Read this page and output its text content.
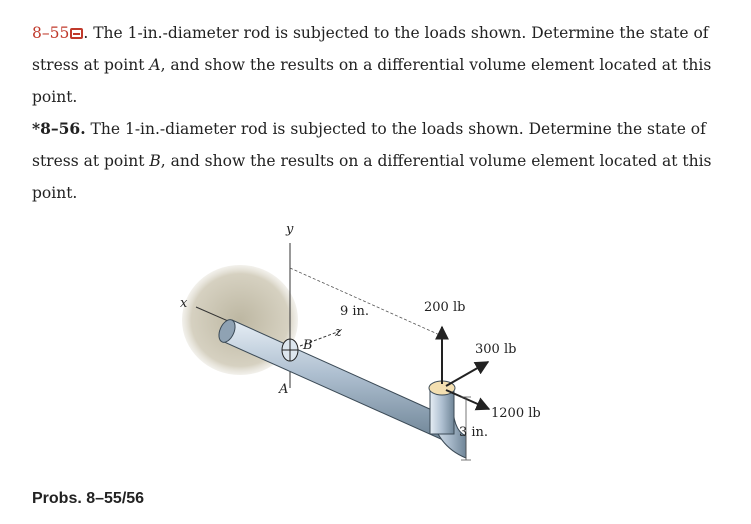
8–55 . The 1-in.-diameter rod is subjected to the loads shown. Determine the state of stress at point A, and show the results on a differential volume element located at this point.

*8–56. The 1-in.-diameter rod is subjected to the loads shown. Determine the state of stress at point B, and show the results on a differential volume element located at this point.

y
x
9 in.
z
B
A
200 lb
300 lb
1200 lb
3 in.
Probs. 8–55/56
